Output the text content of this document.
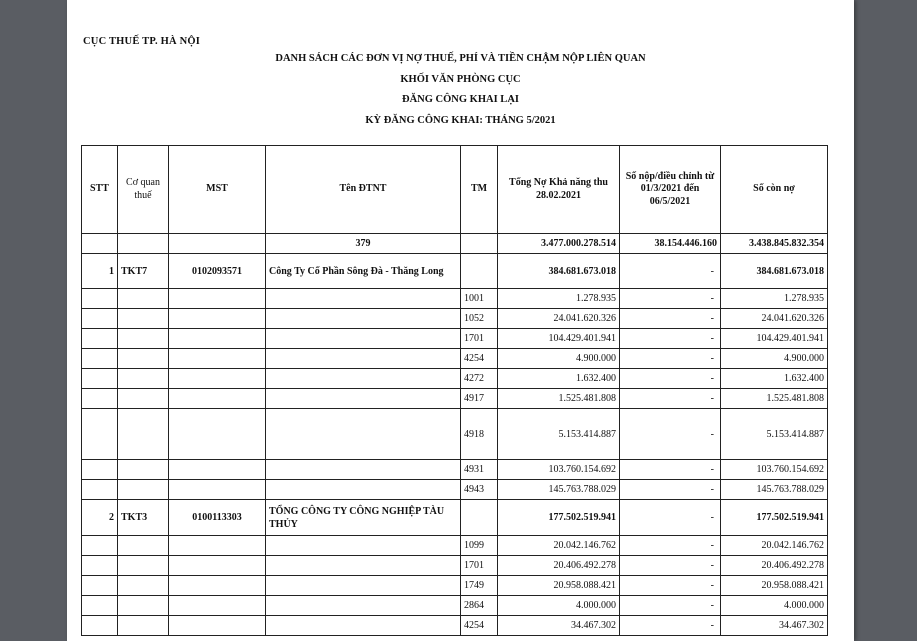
CỤC THUẾ TP. HÀ NỘI
DANH SÁCH CÁC ĐƠN VỊ NỢ THUẾ, PHÍ VÀ TIỀN CHẬM NỘP LIÊN QUAN
KHỐI VĂN PHÒNG CỤC
ĐĂNG CÔNG KHAI LẠI
KỲ ĐĂNG CÔNG KHAI: THÁNG 5/2021
STT	Cơ quan thuế	MST	Tên ĐTNT	TM	Tổng Nợ Khả năng thu 28.02.2021	Số nộp/điều chỉnh từ 01/3/2021 đến 06/5/2021	Số còn nợ
			379		3.477.000.278.514	38.154.446.160	3.438.845.832.354
1	TKT7	0102093571	Công Ty Cổ Phần Sông Đà - Thăng Long		384.681.673.018	-	384.681.673.018
				1001	1.278.935	-	1.278.935
				1052	24.041.620.326	-	24.041.620.326
				1701	104.429.401.941	-	104.429.401.941
				4254	4.900.000	-	4.900.000
				4272	1.632.400	-	1.632.400
				4917	1.525.481.808	-	1.525.481.808
				4918	5.153.414.887	-	5.153.414.887
				4931	103.760.154.692	-	103.760.154.692
				4943	145.763.788.029	-	145.763.788.029
2	TKT3	0100113303	TỔNG CÔNG TY CÔNG NGHIỆP TÀU THỦY		177.502.519.941	-	177.502.519.941
				1099	20.042.146.762	-	20.042.146.762
				1701	20.406.492.278	-	20.406.492.278
				1749	20.958.088.421	-	20.958.088.421
				2864	4.000.000	-	4.000.000
				4254	34.467.302	-	34.467.302
